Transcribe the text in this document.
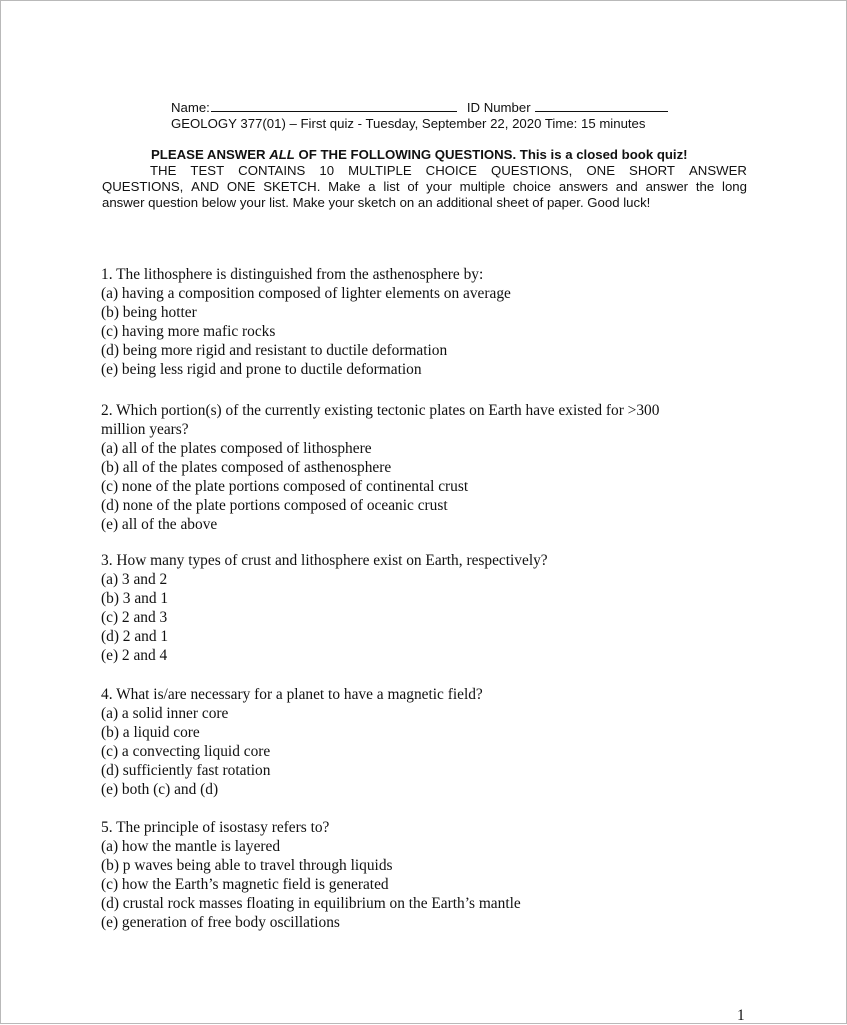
Name:	ID Number
GEOLOGY 377(01) – First quiz - Tuesday, September 22, 2020 Time: 15 minutes
PLEASE ANSWER ALL OF THE FOLLOWING QUESTIONS. This is a closed book quiz!
THE TEST CONTAINS 10 MULTIPLE CHOICE QUESTIONS, ONE SHORT ANSWER
QUESTIONS, AND ONE SKETCH. Make a list of your multiple choice answers and answer the long
answer question below your list. Make your sketch on an additional sheet of paper. Good luck!
1. The lithosphere is distinguished from the asthenosphere by:
(a) having a composition composed of lighter elements on average
(b) being hotter
(c) having more mafic rocks
(d) being more rigid and resistant to ductile deformation
(e) being less rigid and prone to ductile deformation
2. Which portion(s) of the currently existing tectonic plates on Earth have existed for >300
million years?
(a) all of the plates composed of lithosphere
(b) all of the plates composed of asthenosphere
(c) none of the plate portions composed of continental crust
(d) none of the plate portions composed of oceanic crust
(e) all of the above
3. How many types of crust and lithosphere exist on Earth, respectively?
(a) 3 and 2
(b) 3 and 1
(c) 2 and 3
(d) 2 and 1
(e) 2 and 4
4. What is/are necessary for a planet to have a magnetic field?
(a) a solid inner core
(b) a liquid core
(c) a convecting liquid core
(d) sufficiently fast rotation
(e) both (c) and (d)
5. The principle of isostasy refers to?
(a) how the mantle is layered
(b) p waves being able to travel through liquids
(c) how the Earth’s magnetic field is generated
(d) crustal rock masses floating in equilibrium on the Earth’s mantle
(e) generation of free body oscillations
1
